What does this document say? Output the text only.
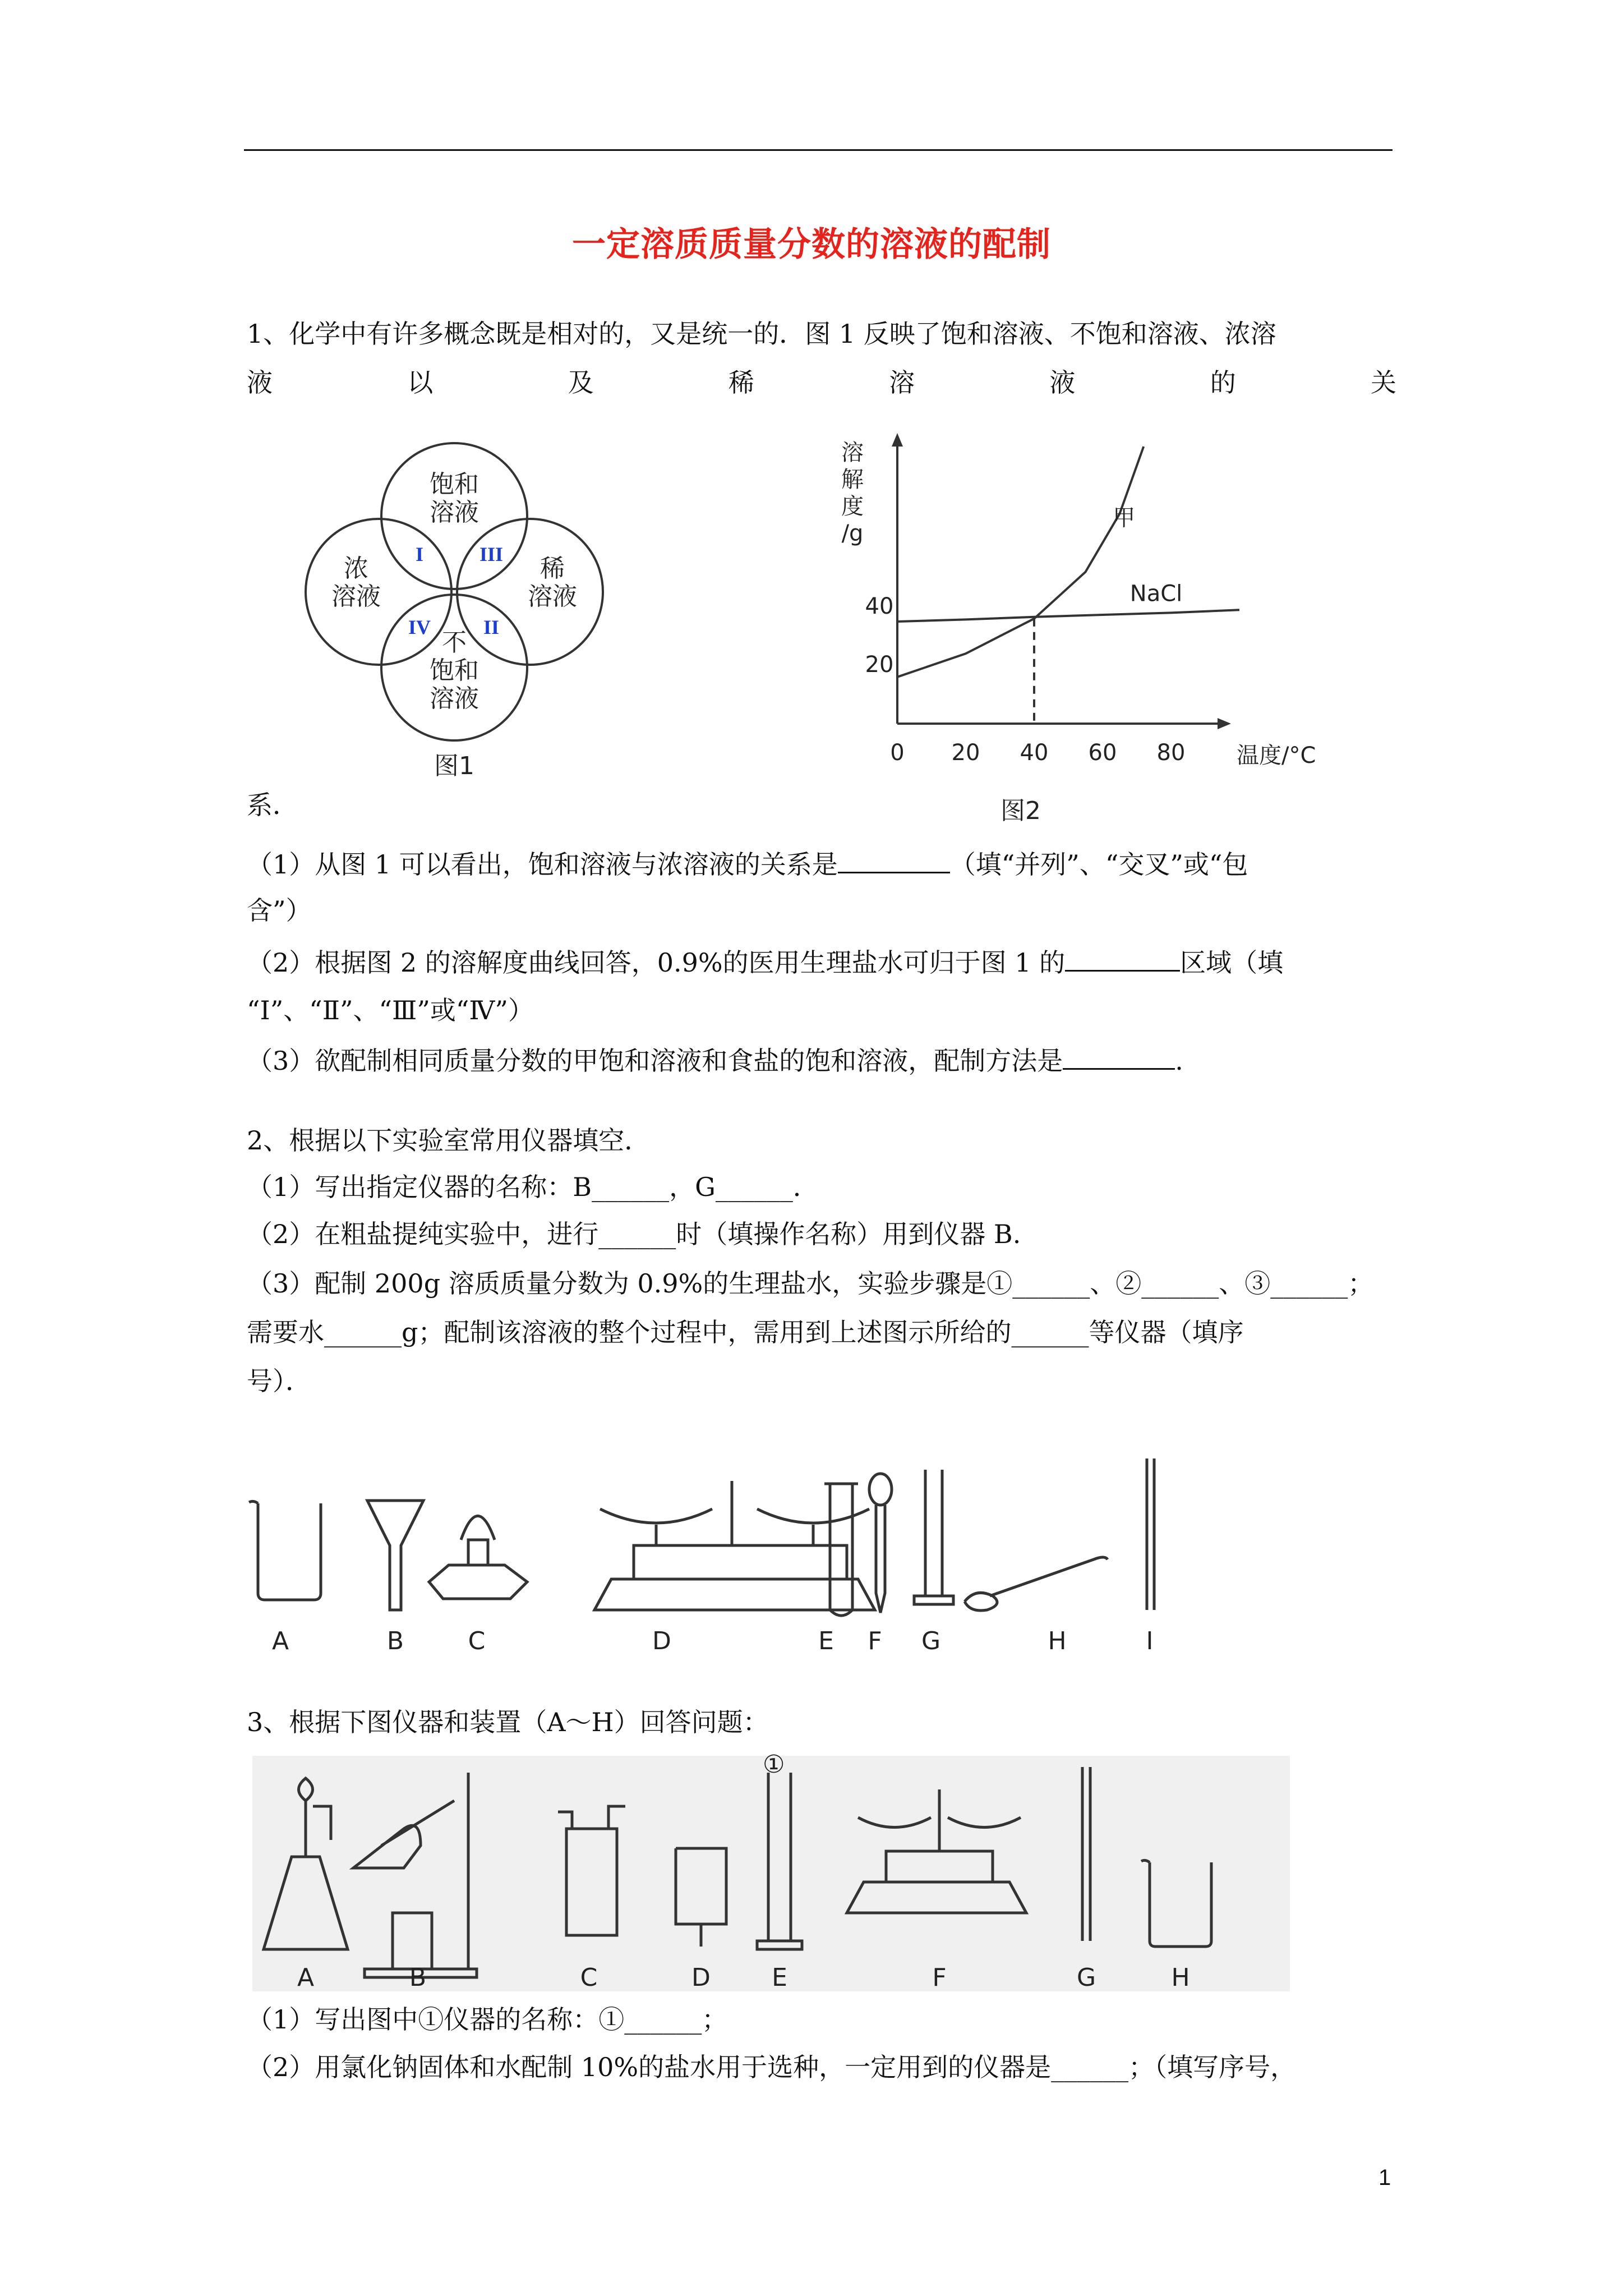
一定溶质质量分数的溶液的配制
1、化学中有许多概念既是相对的，又是统一的．图 1 反映了饱和溶液、不饱和溶液、浓溶
液	以	及	稀	溶	液	的	关
饱和
溶液
浓
溶液
稀
溶液
不
饱和
溶液
I	III
IV	II
图1
溶
解
度
/g
0 20 40 60 80
20
40
甲
NaCl
温度/°C
图2
系．
（1）从图 1 可以看出，饱和溶液与浓溶液的关系是	（填“并列”、“交叉”或“包
含”）
（2）根据图 2 的溶解度曲线回答，0.9%的医用生理盐水可归于图 1 的	区域（填
“Ⅰ”、“Ⅱ”、“Ⅲ”或“Ⅳ”）
（3）欲配制相同质量分数的甲饱和溶液和食盐的饱和溶液，配制方法是	.
2、根据以下实验室常用仪器填空．
（1）写出指定仪器的名称：B______，G______．
（2）在粗盐提纯实验中，进行______时（填操作名称）用到仪器 B.
（3）配制 200g 溶质质量分数为 0.9%的生理盐水，实验步骤是①______、②______、③______；
需要水______g；配制该溶液的整个过程中，需用到上述图示所给的______等仪器（填序
号）．
A	B	C	D	E F G	H	I
3、根据下图仪器和装置（A～H）回答问题：
①
A	B	C	D E	F	G	H
（1）写出图中①仪器的名称：①______；
（2）用氯化钠固体和水配制 10%的盐水用于选种，一定用到的仪器是______；（填写序号，
1
